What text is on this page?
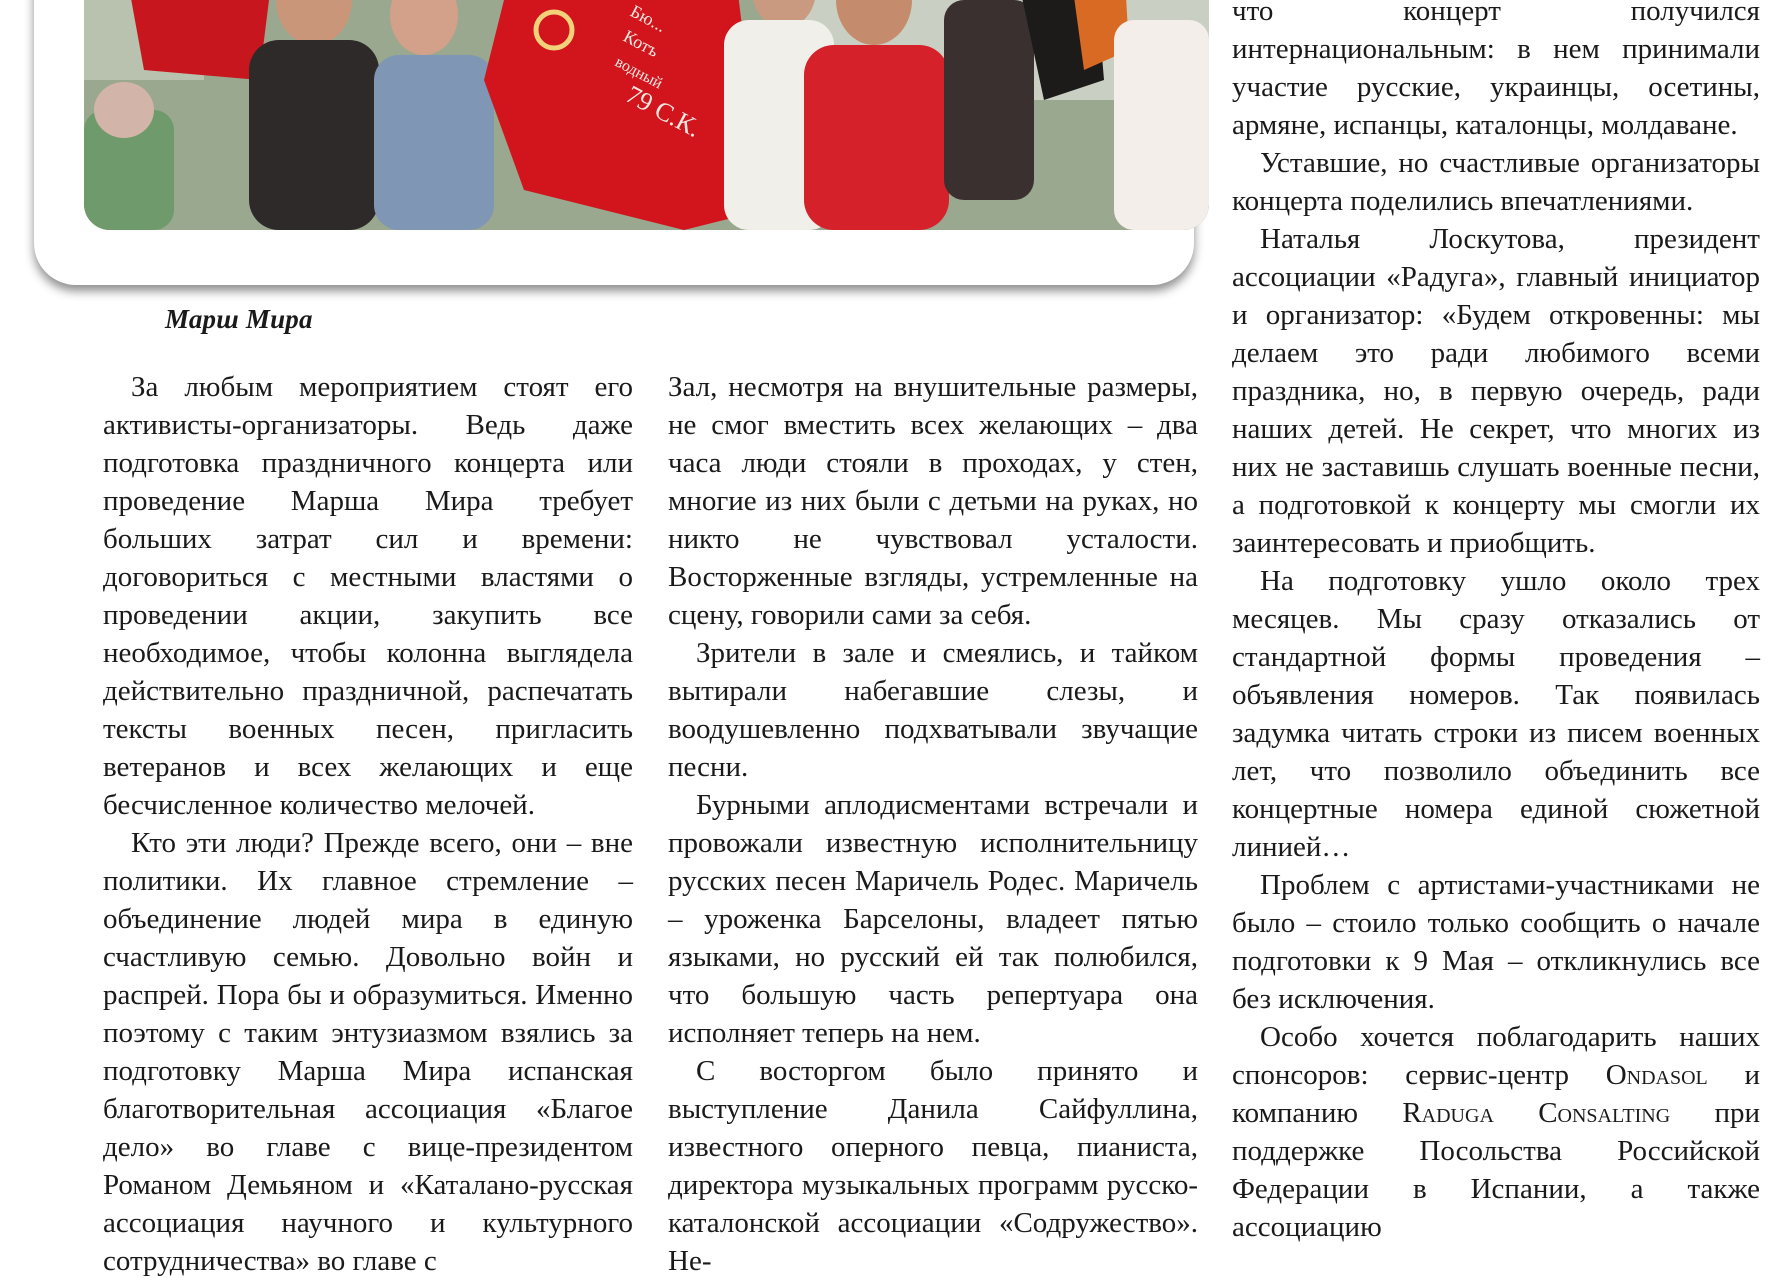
79 С.К.
Бю...
Котъ
водный
Марш Мира

За любым мероприятием стоят его активисты-организаторы. Ведь даже подготовка праздничного концерта или проведение Марша Мира требует больших затрат сил и времени: договориться с местными властями о проведении акции, закупить все необходимое, чтобы колонна выглядела действительно праздничной, распечатать тексты военных песен, пригласить ветеранов и всех желающих и еще бесчисленное количество мелочей.

Кто эти люди? Прежде всего, они – вне политики. Их главное стремление – объединение людей мира в единую счастливую семью. Довольно войн и распрей. Пора бы и образумиться. Именно поэтому с таким энтузиазмом взялись за подготовку Марша Мира испанская благотворительная ассоциация «Благое дело» во главе с вице-президентом Романом Демьяном и «Каталано-русская ассоциация научного и культурного сотрудничества» во главе с

Зал, несмотря на внушительные размеры, не смог вместить всех желающих – два часа люди стояли в проходах, у стен, многие из них были с детьми на руках, но никто не чувствовал усталости. Восторженные взгляды, устремленные на сцену, говорили сами за себя.

Зрители в зале и смеялись, и тайком вытирали набегавшие слезы, и воодушевленно подхватывали звучащие песни.

Бурными аплодисментами встречали и провожали известную исполнительницу русских песен Маричель Родес. Маричель – уроженка Барселоны, владеет пятью языками, но русский ей так полюбился, что большую часть репертуара она исполняет теперь на нем.

С восторгом было принято и выступление Данила Сайфуллина, известного оперного певца, пианиста, директора музыкальных программ русско-каталонской ассоциации «Содружество». Не-

что концерт получился интернациональным: в нем принимали участие русские, украинцы, осетины, армяне, испанцы, каталонцы, молдаване.

Уставшие, но счастливые организаторы концерта поделились впечатлениями.

Наталья Лоскутова, президент ассоциации «Радуга», главный инициатор и организатор: «Будем откровенны: мы делаем это ради любимого всеми праздника, но, в первую очередь, ради наших детей. Не секрет, что многих из них не заставишь слушать военные песни, а подготовкой к концерту мы смогли их заинтересовать и приобщить.

На подготовку ушло около трех месяцев. Мы сразу отказались от стандартной формы проведения – объявления номеров. Так появилась задумка читать строки из писем военных лет, что позволило объединить все концертные номера единой сюжетной линией…

Проблем с артистами-участниками не было – стоило только сообщить о начале подготовки к 9 Мая – откликнулись все без исключения.

Особо хочется поблагодарить наших спонсоров: сервис-центр Ondasol и компанию Raduga Consalting при поддержке Посольства Российской Федерации в Испании, а также ассоциацию
